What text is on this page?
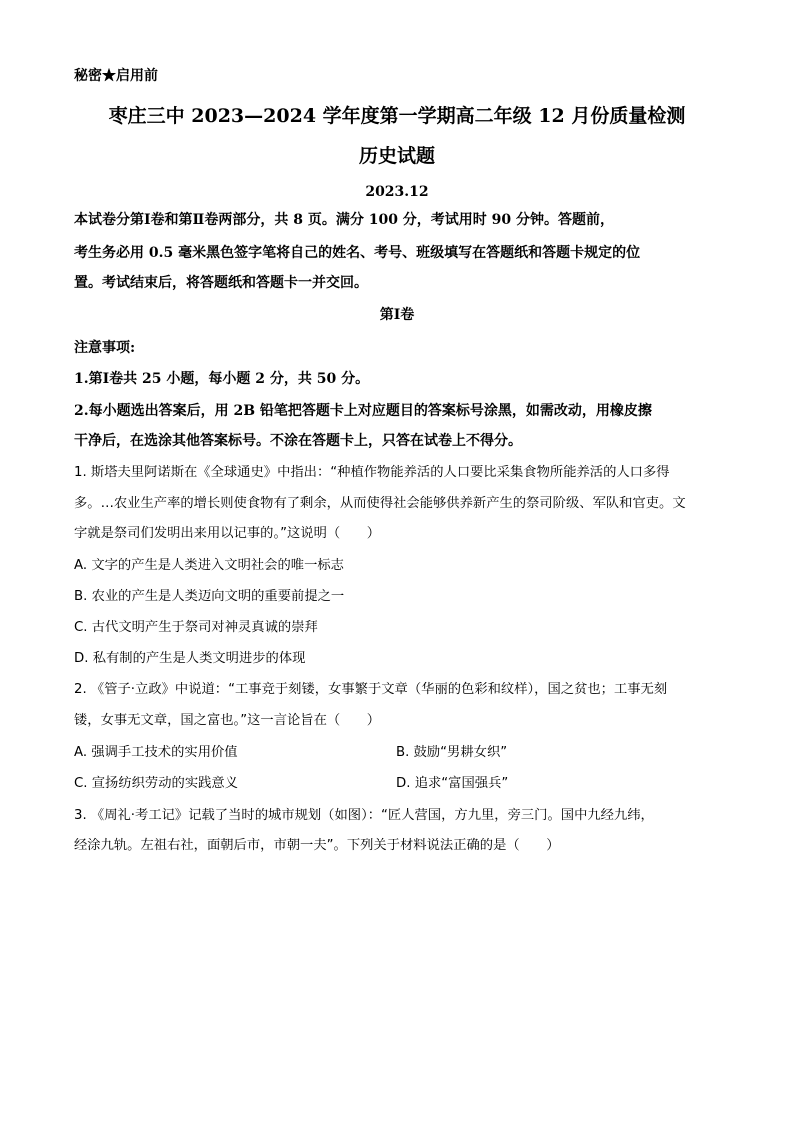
秘密★启用前
枣庄三中 2023—2024 学年度第一学期高二年级 12 月份质量检测
历史试题
2023.12
本试卷分第Ⅰ卷和第Ⅱ卷两部分，共 8 页。满分 100 分，考试用时 90 分钟。答题前，
考生务必用 0.5 毫米黑色签字笔将自己的姓名、考号、班级填写在答题纸和答题卡规定的位
置。考试结束后，将答题纸和答题卡一并交回。
第Ⅰ卷
注意事项:
1.第Ⅰ卷共 25 小题，每小题 2 分，共 50 分。
2.每小题选出答案后，用 2B 铅笔把答题卡上对应题目的答案标号涂黑，如需改动，用橡皮擦
干净后，在选涂其他答案标号。不涂在答题卡上，只答在试卷上不得分。
1. 斯塔夫里阿诺斯在《全球通史》中指出：“种植作物能养活的人口要比采集食物所能养活的人口多得
多。…农业生产率的增长则使食物有了剩余，从而使得社会能够供养新产生的祭司阶级、军队和官吏。文
字就是祭司们发明出来用以记事的。”这说明（　　）
A. 文字的产生是人类进入文明社会的唯一标志
B. 农业的产生是人类迈向文明的重要前提之一
C. 古代文明产生于祭司对神灵真诚的崇拜
D. 私有制的产生是人类文明进步的体现
2. 《管子·立政》中说道：“工事竞于刻镂，女事繁于文章（华丽的色彩和纹样），国之贫也；工事无刻
镂，女事无文章，国之富也。”这一言论旨在（　　）
A. 强调手工技术的实用价值	B. 鼓励“男耕女织”
C. 宣扬纺织劳动的实践意义	D. 追求“富国强兵”
3. 《周礼·考工记》记载了当时的城市规划（如图）：“匠人营国，方九里，旁三门。国中九经九纬，
经涂九轨。左祖右社，面朝后市，市朝一夫”。下列关于材料说法正确的是（　　）
